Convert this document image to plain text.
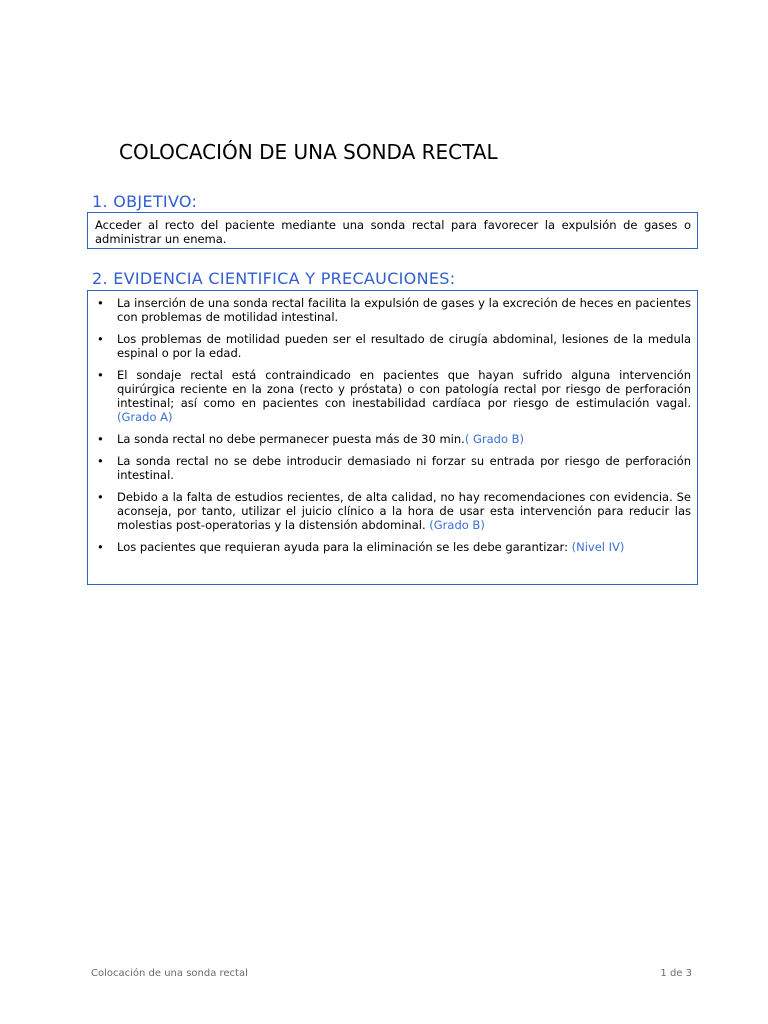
COLOCACIÓN DE UNA SONDA RECTAL
1. OBJETIVO:

Acceder al recto del paciente mediante una sonda rectal para favorecer la expulsión de gases o administrar un enema.

2. EVIDENCIA CIENTIFICA Y PRECAUCIONES:
• La inserción de una sonda rectal facilita la expulsión de gases y la excreción de heces en pacientes con problemas de motilidad intestinal.
• Los problemas de motilidad pueden ser el resultado de cirugía abdominal, lesiones de la medula espinal o por la edad.
• El sondaje rectal está contraindicado en pacientes que hayan sufrido alguna intervención quirúrgica reciente en la zona (recto y próstata) o con patología rectal por riesgo de perforación intestinal; así como en pacientes con inestabilidad cardíaca por riesgo de estimulación vagal. (Grado A)
• La sonda rectal no debe permanecer puesta más de 30 min.( Grado B)
• La sonda rectal no se debe introducir demasiado ni forzar su entrada por riesgo de perforación intestinal.
• Debido a la falta de estudios recientes, de alta calidad, no hay recomendaciones con evidencia. Se aconseja, por tanto, utilizar el juicio clínico a la hora de usar esta intervención para reducir las molestias post-operatorias y la distensión abdominal. (Grado B)
• Los pacientes que requieran ayuda para la eliminación se les debe garantizar: (Nivel IV)
Colocación de una sonda rectal	1 de 3
